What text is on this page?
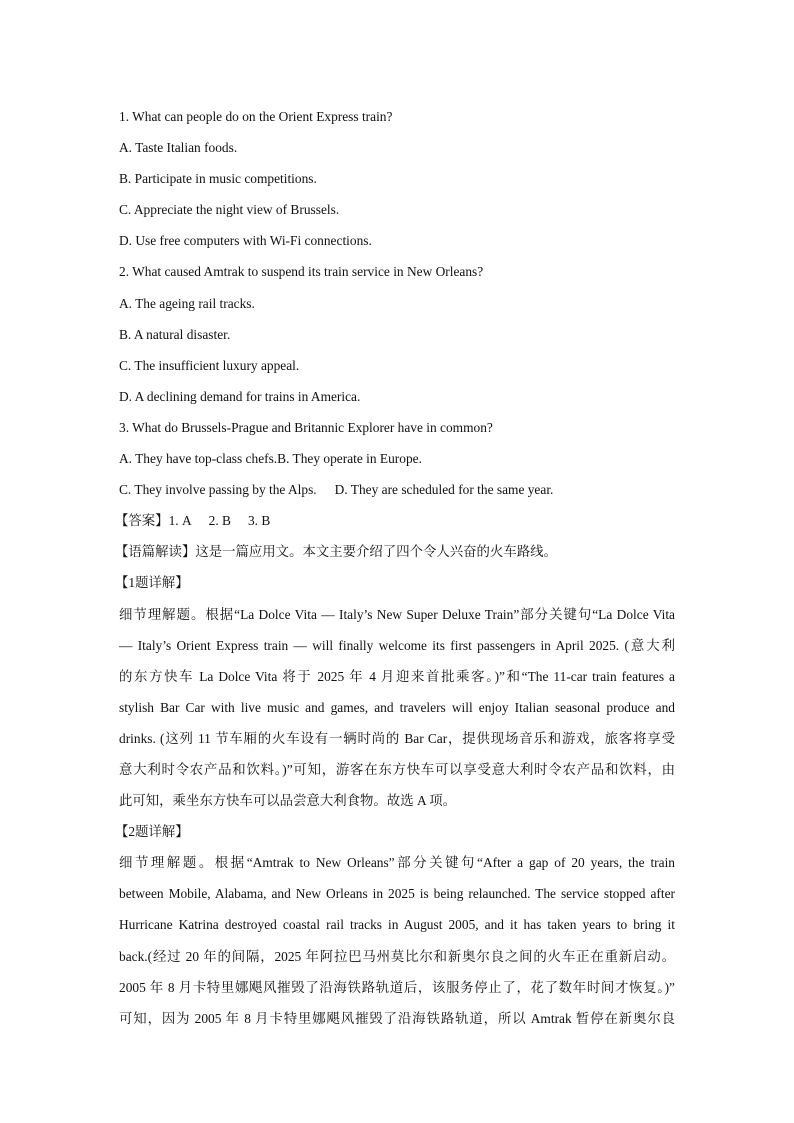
1. What can people do on the Orient Express train?
A. Taste Italian foods.
B. Participate in music competitions.
C. Appreciate the night view of Brussels.
D. Use free computers with Wi-Fi connections.
2. What caused Amtrak to suspend its train service in New Orleans?
A. The ageing rail tracks.
B. A natural disaster.
C. The insufficient luxury appeal.
D. A declining demand for trains in America.
3. What do Brussels-Prague and Britannic Explorer have in common?
A. They have top-class chefs.B. They operate in Europe.
C. They involve passing by the Alps. D. They are scheduled for the same year.
【答案】1. A 2. B 3. B
【语篇解读】这是一篇应用文。本文主要介绍了四个令人兴奋的火车路线。
【1题详解】
细节理解题。根据“La Dolce Vita — Italy’s New Super Deluxe Train”部分关键句“La Dolce Vita
— Italy’s Orient Express train — will finally welcome its first passengers in April 2025. (意大利
的东方快车 La Dolce Vita 将于 2025 年 4 月迎来首批乘客。)”和“The 11-car train features a
stylish Bar Car with live music and games, and travelers will enjoy Italian seasonal produce and
drinks. (这列 11 节车厢的火车设有一辆时尚的 Bar Car，提供现场音乐和游戏，旅客将享受
意大利时令农产品和饮料。)”可知，游客在东方快车可以享受意大利时令农产品和饮料，由
此可知，乘坐东方快车可以品尝意大利食物。故选 A 项。
【2题详解】
细节理解题。根据“Amtrak to New Orleans”部分关键句“After a gap of 20 years, the train
between Mobile, Alabama, and New Orleans in 2025 is being relaunched. The service stopped after
Hurricane Katrina destroyed coastal rail tracks in August 2005, and it has taken years to bring it
back.(经过 20 年的间隔，2025 年阿拉巴马州莫比尔和新奥尔良之间的火车正在重新启动。
2005 年 8 月卡特里娜飓风摧毁了沿海铁路轨道后，该服务停止了，花了数年时间才恢复。)”
可知，因为 2005 年 8 月卡特里娜飓风摧毁了沿海铁路轨道，所以 Amtrak 暂停在新奥尔良
